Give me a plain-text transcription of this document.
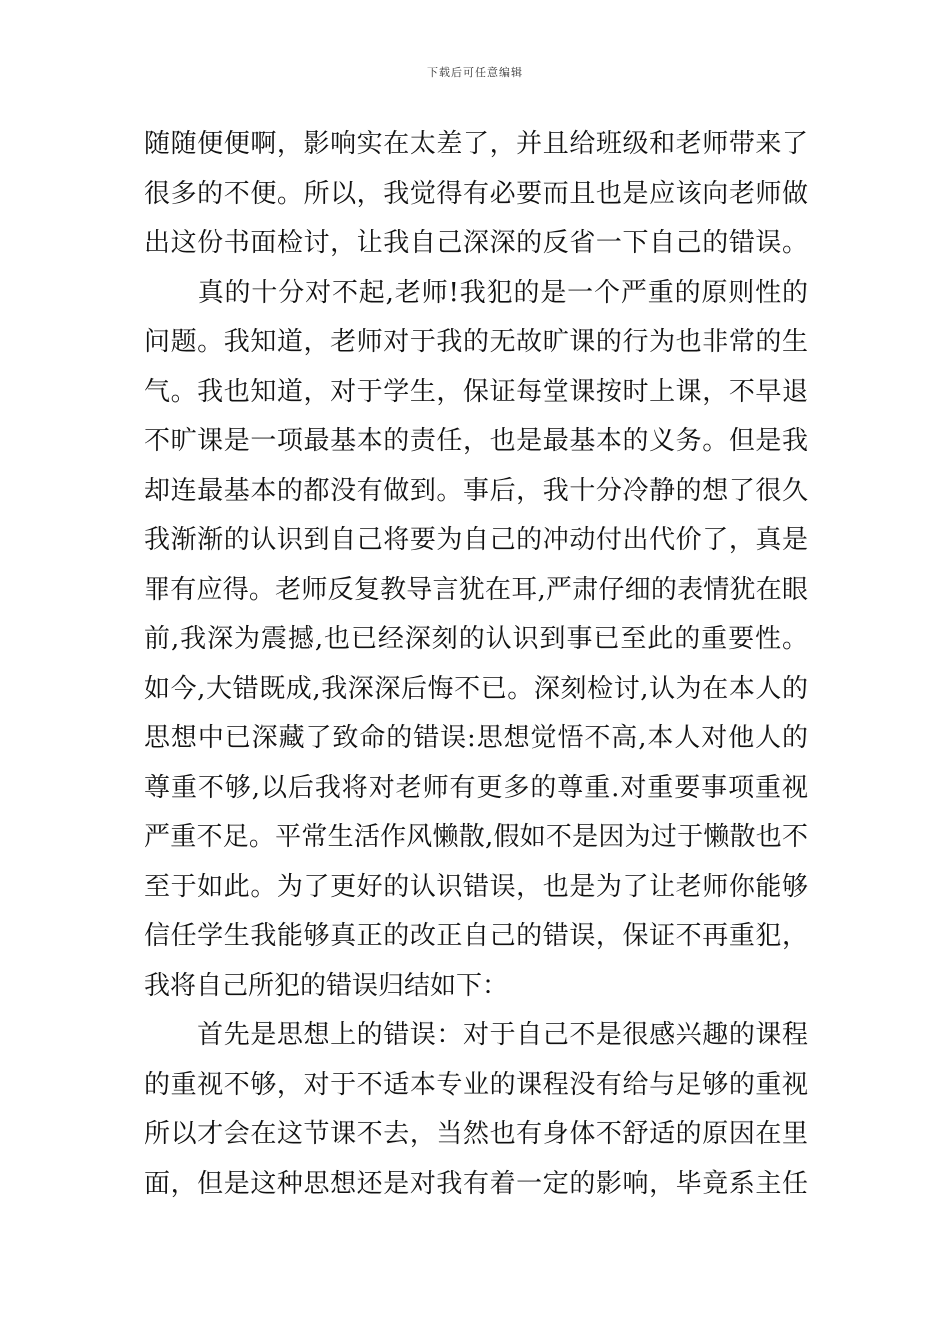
下载后可任意编辑
随随便便啊，影响实在太差了，并且给班级和老师带来了
很多的不便。所以，我觉得有必要而且也是应该向老师做
出这份书面检讨，让我自己深深的反省一下自己的错误。
　　真的十分对不起,老师!我犯的是一个严重的原则性的
问题。我知道，老师对于我的无故旷课的行为也非常的生
气。我也知道，对于学生，保证每堂课按时上课，不早退
不旷课是一项最基本的责任，也是最基本的义务。但是我
却连最基本的都没有做到。事后，我十分冷静的想了很久
我渐渐的认识到自己将要为自己的冲动付出代价了，真是
罪有应得。老师反复教导言犹在耳,严肃仔细的表情犹在眼
前,我深为震撼,也已经深刻的认识到事已至此的重要性。
如今,大错既成,我深深后悔不已。深刻检讨,认为在本人的
思想中已深藏了致命的错误:思想觉悟不高,本人对他人的
尊重不够,以后我将对老师有更多的尊重.对重要事项重视
严重不足。平常生活作风懒散,假如不是因为过于懒散也不
至于如此。为了更好的认识错误，也是为了让老师你能够
信任学生我能够真正的改正自己的错误，保证不再重犯，
我将自己所犯的错误归结如下：
　　首先是思想上的错误：对于自己不是很感兴趣的课程
的重视不够，对于不适本专业的课程没有给与足够的重视
所以才会在这节课不去，当然也有身体不舒适的原因在里
面，但是这种思想还是对我有着一定的影响，毕竟系主任
